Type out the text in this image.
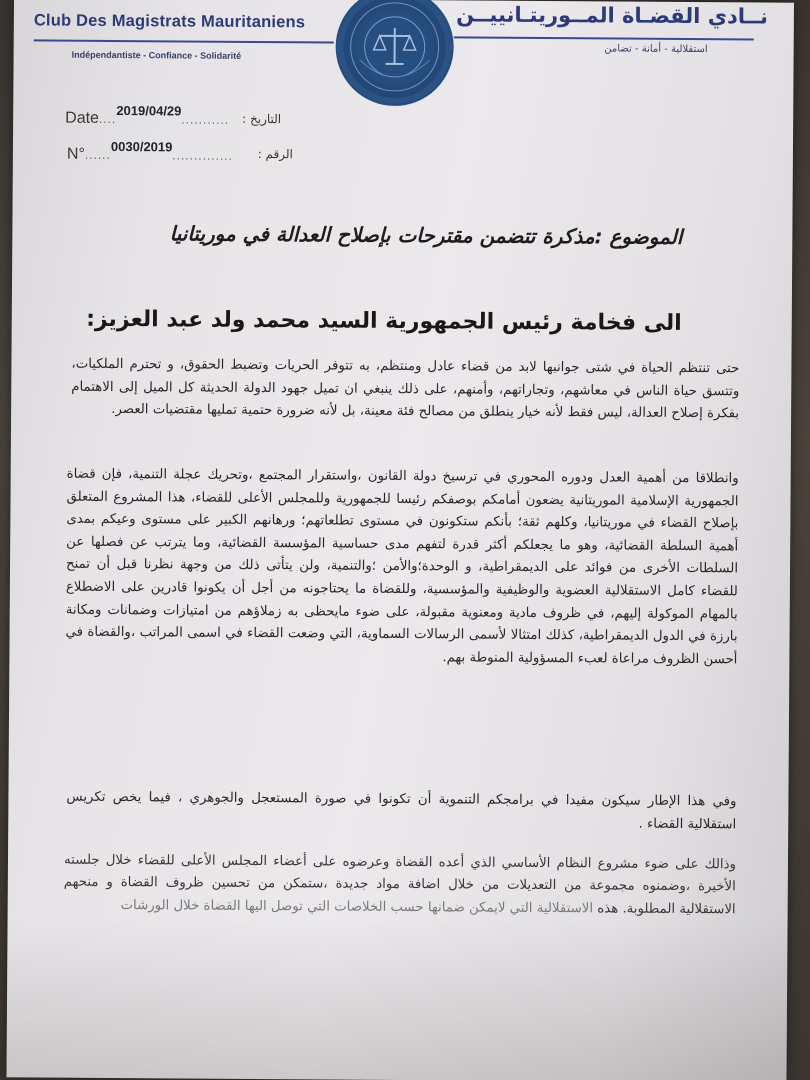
Club Des Magistrats Mauritaniens	نــادي القضـاة المــوريتـانييــن
Indépendantiste - Confiance - Solidarité
استقلالية - أمانة - تضامن
Date....$^{2019/04/29}$........... التاريخ :
N°......$^{0030/2019}$.............. الرقم :
الموضوع :مذكرة تتضمن مقترحات بإصلاح العدالة في موريتانيا
الى فخامة رئيس الجمهورية السيد محمد ولد عبد العزيز:
حتى تنتظم الحياة في شتى جوانبها لابد من قضاء عادل ومنتظم، به تتوفر الحريات وتضبط الحقوق، و تحترم الملكيات، وتتسق حياة الناس في معاشهم، وتجاراتهم، وأمنهم، على ذلك ينبغي ان تميل جهود الدولة الحديثة كل الميل إلى الاهتمام بفكرة إصلاح العدالة، ليس فقط لأنه خيار ينطلق من مصالح فئة معينة، بل لأنه ضرورة حتمية تمليها مقتضيات العصر.
وانطلاقا من أهمية العدل ودوره المحوري في ترسيخ دولة القانون ،واستقرار المجتمع ،وتحريك عجلة التنمية، فإن قضاة الجمهورية الإسلامية الموريتانية يضعون أمامكم بوصفكم رئيسا للجمهورية وللمجلس الأعلى للقضاء، هذا المشروع المتعلق بإصلاح القضاء في موريتانيا، وكلهم ثقة؛ بأنكم ستكونون في مستوى تطلعاتهم؛ ورهانهم الكبير على مستوى وعيكم بمدى أهمية السلطة القضائية، وهو ما يجعلكم أكثر قدرة لتفهم مدى حساسية المؤسسة القضائية، وما يترتب عن فصلها عن السلطات الأخرى من فوائد على الديمقراطية، و الوحدة؛والأمن ؛والتنمية، ولن يتأتى ذلك من وجهة نظرنا قبل أن تمنح للقضاء كامل الاستقلالية العضوية والوظيفية والمؤسسية، وللقضاة ما يحتاجونه من أجل أن يكونوا قادرين على الاضطلاع بالمهام الموكولة إليهم، في ظروف مادية ومعنوية مقبولة، على ضوء مايحظى به زملاؤهم من امتيازات وضمانات ومكانة بارزة في الدول الديمقراطية، كذلك امتثالا لأسمى الرسالات السماوية، التي وضعت القضاء في اسمى المراتب ،والقضاة في أحسن الظروف مراعاة لعبء المسؤولية المنوطة بهم.
وفي هذا الإطار سيكون مفيدا في برامجكم التنموية أن تكونوا في صورة المستعجل والجوهري ، فيما يخص تكريس استقلالية القضاء .
وذالك على ضوء مشروع النظام الأساسي الذي أعده القضاة وعرضوه على أعضاء المجلس الأعلى للقضاء خلال جلسته الأخيرة ،وضمنوه مجموعة من التعديلات من خلال اضافة مواد جديدة ،ستمكن من تحسين ظروف القضاة و منحهم الاستقلالية المطلوبة. هذه الاستقلالية التي لايمكن ضمانها حسب الخلاصات التي توصل اليها القضاة خلال الورشات
